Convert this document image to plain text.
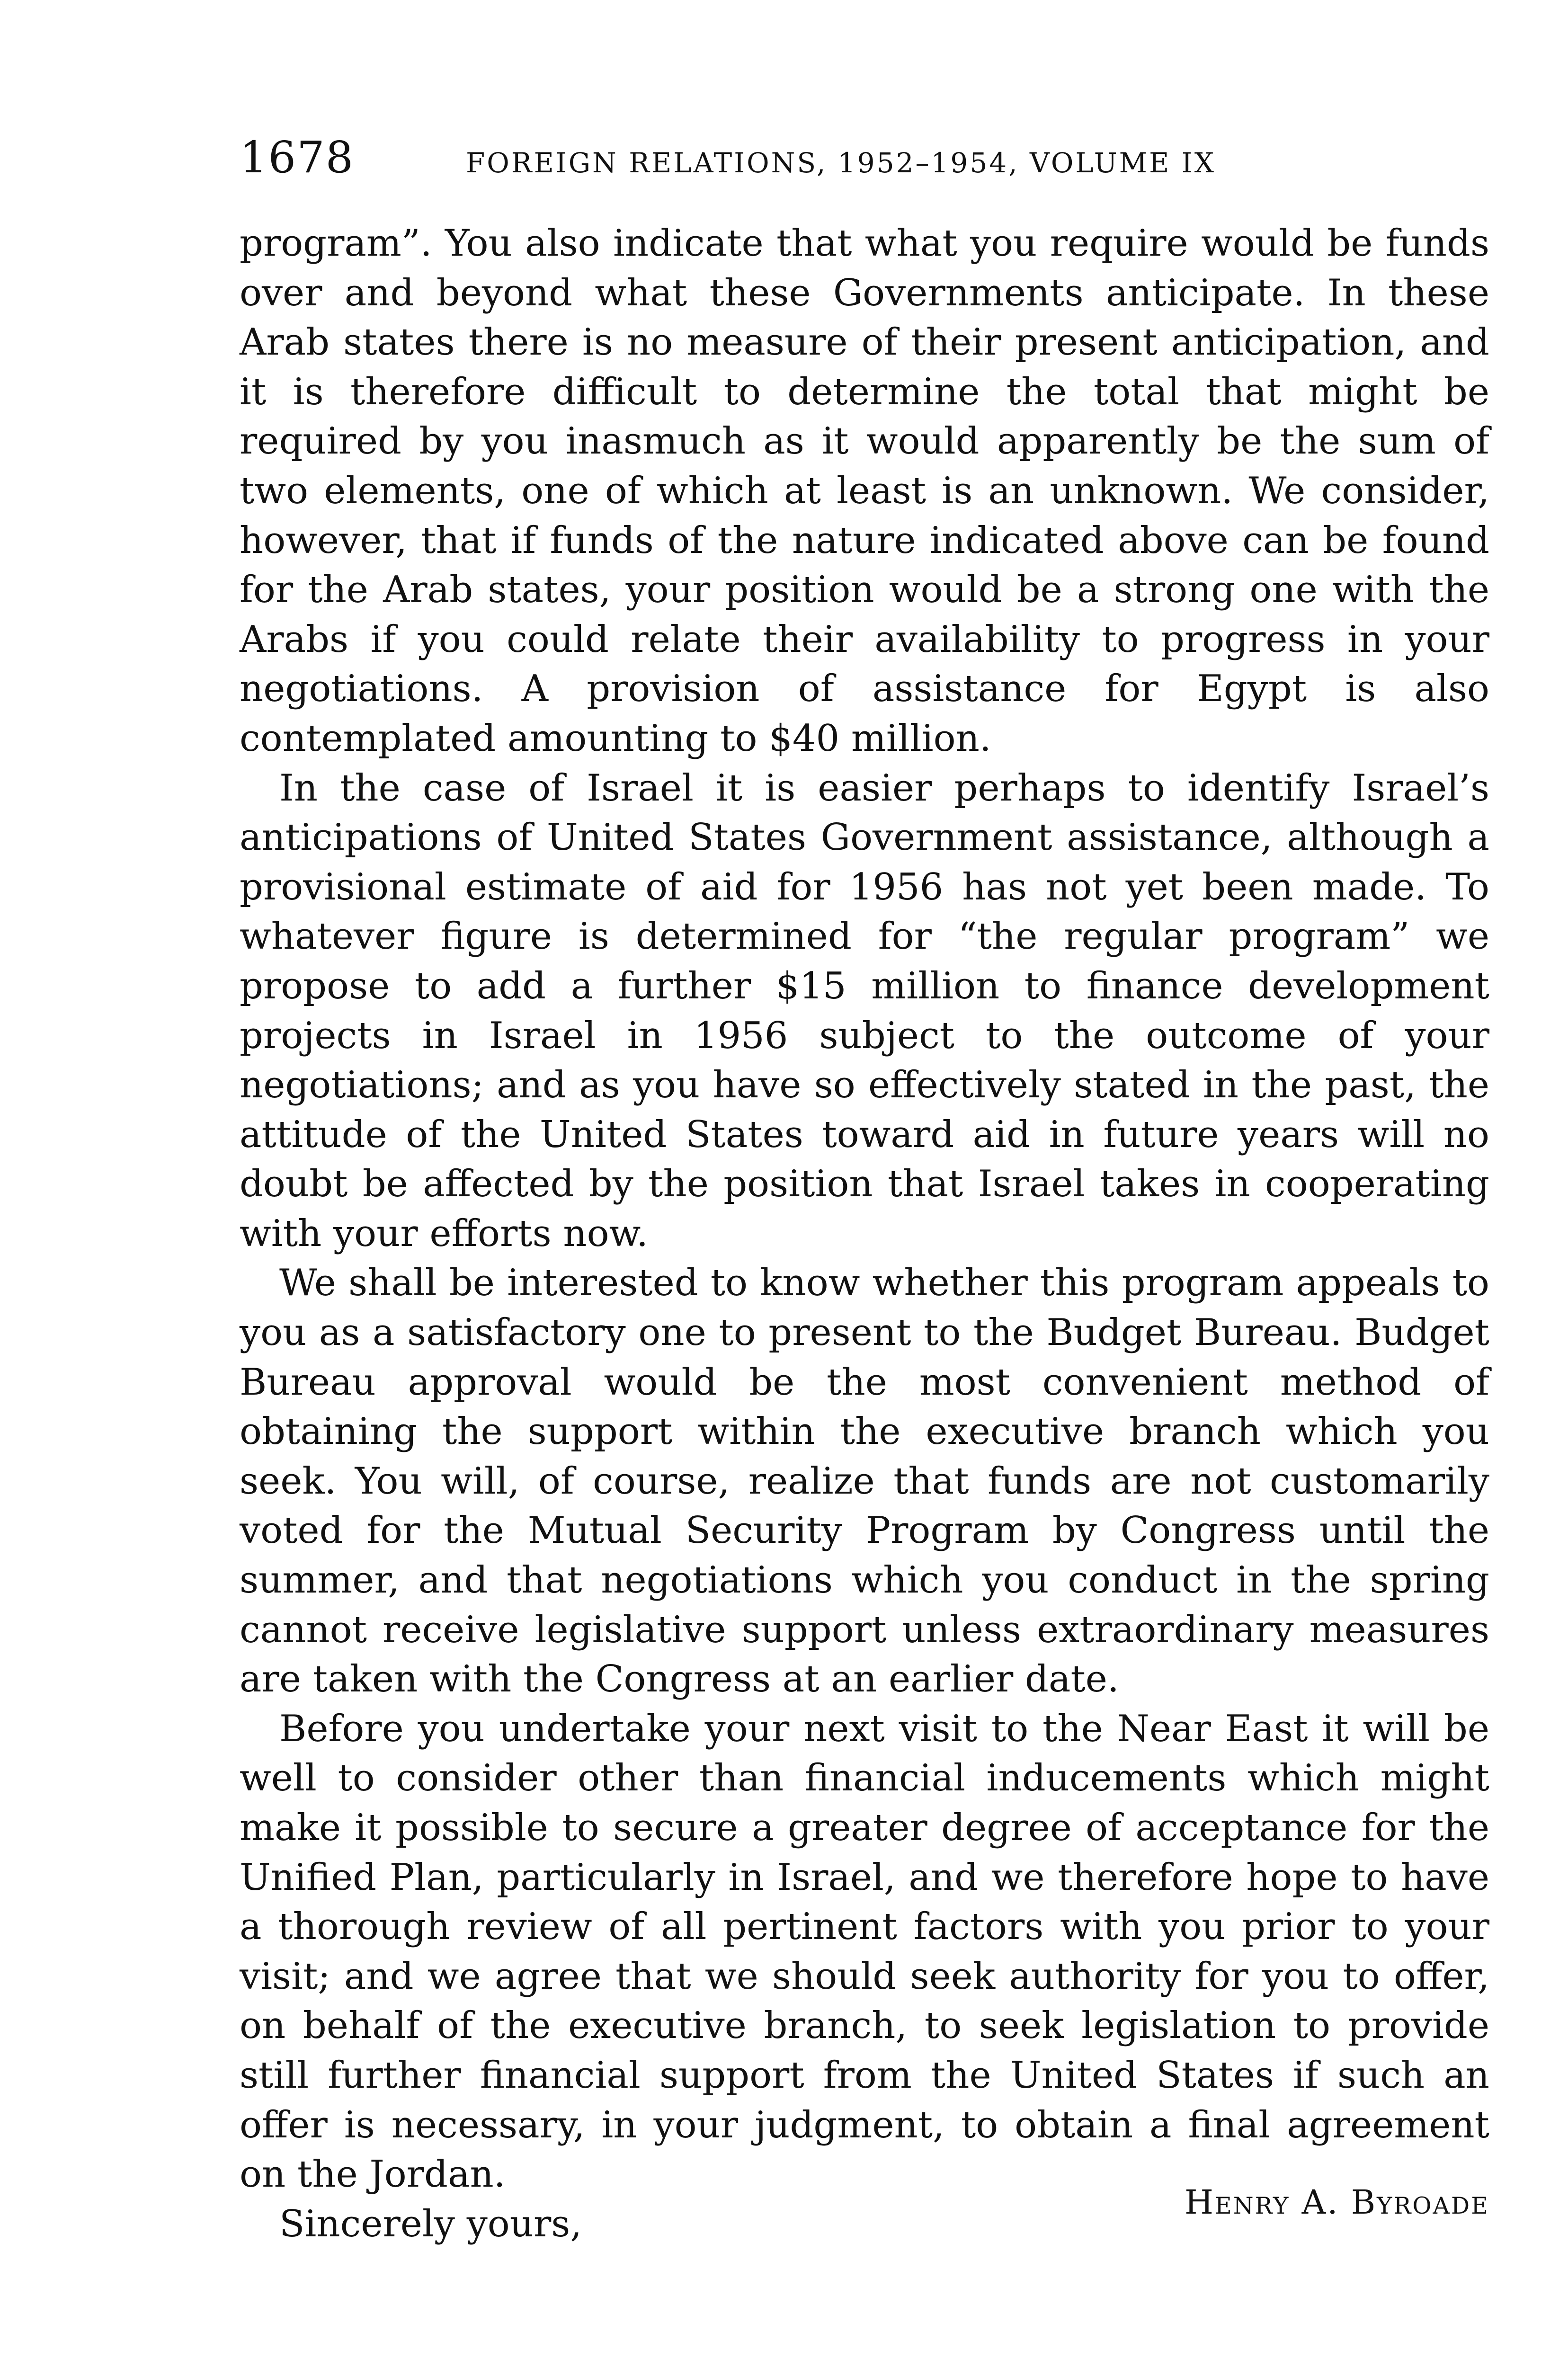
1678	FOREIGN RELATIONS, 1952–1954, VOLUME IX

program”. You also indicate that what you require would be funds over and beyond what these Governments anticipate. In these Arab states there is no measure of their present anticipation, and it is therefore difficult to determine the total that might be required by you inasmuch as it would apparently be the sum of two elements, one of which at least is an unknown. We consider, however, that if funds of the nature indicated above can be found for the Arab states, your position would be a strong one with the Arabs if you could relate their availability to progress in your negotiations. A provision of assistance for Egypt is also contemplated amounting to $40 million.

In the case of Israel it is easier perhaps to identify Israel’s anticipations of United States Government assistance, although a provisional estimate of aid for 1956 has not yet been made. To whatever figure is determined for “the regular program” we propose to add a further $15 million to finance development projects in Israel in 1956 subject to the outcome of your negotiations; and as you have so effectively stated in the past, the attitude of the United States toward aid in future years will no doubt be affected by the position that Israel takes in cooperating with your efforts now.

We shall be interested to know whether this program appeals to you as a satisfactory one to present to the Budget Bureau. Budget Bureau approval would be the most convenient method of obtaining the support within the executive branch which you seek. You will, of course, realize that funds are not customarily voted for the Mutual Security Program by Congress until the summer, and that negotiations which you conduct in the spring cannot receive legislative support unless extraordinary measures are taken with the Congress at an earlier date.

Before you undertake your next visit to the Near East it will be well to consider other than financial inducements which might make it possible to secure a greater degree of acceptance for the Unified Plan, particularly in Israel, and we therefore hope to have a thorough review of all pertinent factors with you prior to your visit; and we agree that we should seek authority for you to offer, on behalf of the executive branch, to seek legislation to provide still further financial support from the United States if such an offer is necessary, in your judgment, to obtain a final agreement on the Jordan.

Sincerely yours,

Henry A. Byroade
